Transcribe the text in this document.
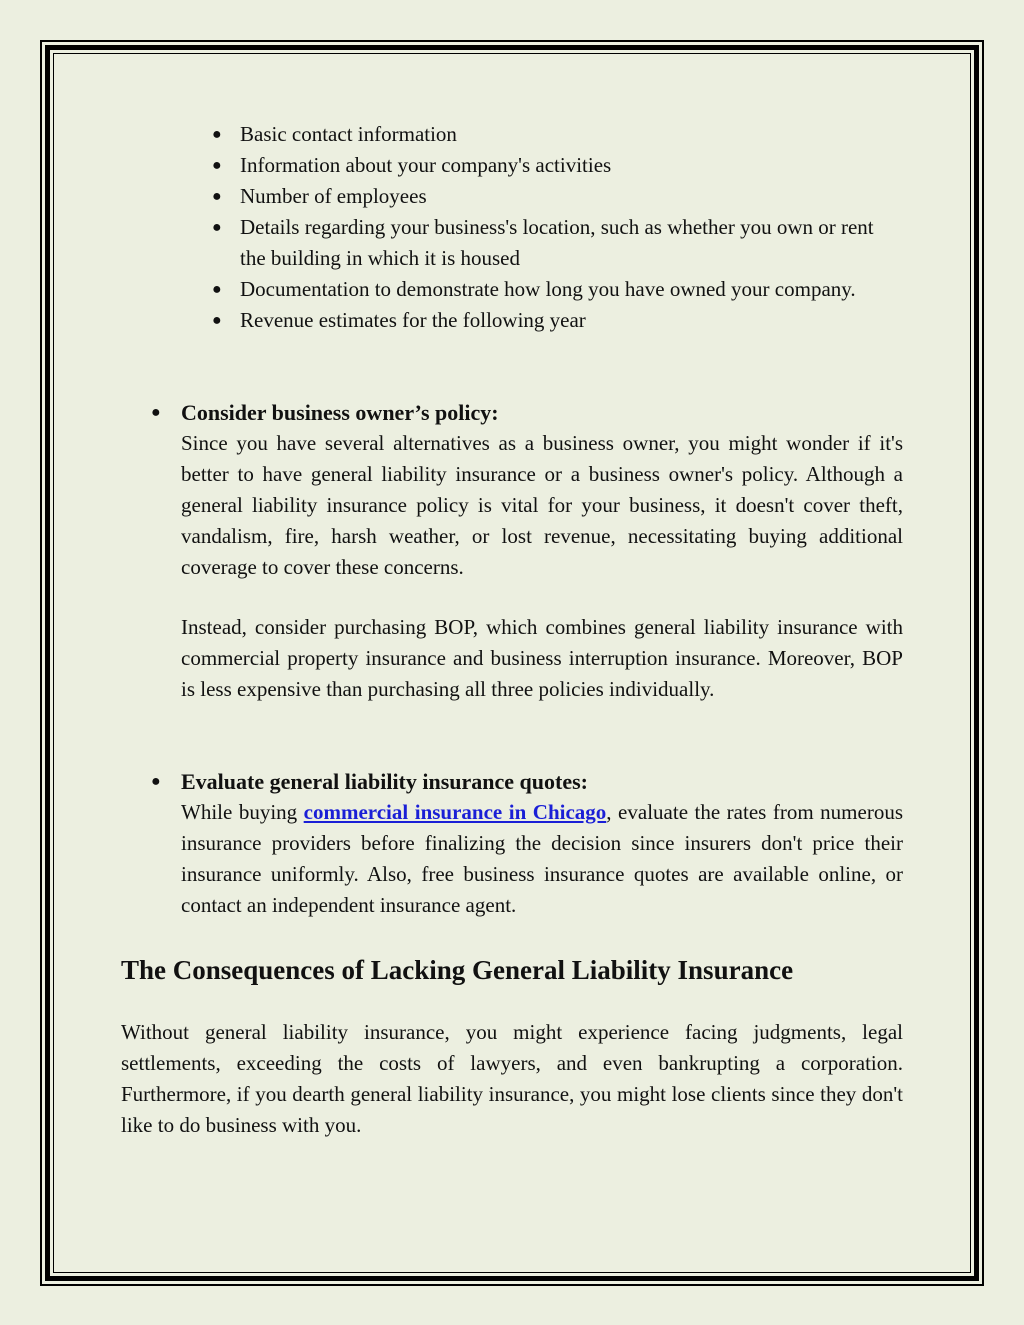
● Basic contact information
● Information about your company's activities
● Number of employees
● Details regarding your business's location, such as whether you own or rent the building in which it is housed
● Documentation to demonstrate how long you have owned your company.
● Revenue estimates for the following year
● Consider business owner’s policy:

Since you have several alternatives as a business owner, you might wonder if it's better to have general liability insurance or a business owner's policy. Although a general liability insurance policy is vital for your business, it doesn't cover theft, vandalism, fire, harsh weather, or lost revenue, necessitating buying additional coverage to cover these concerns.

Instead, consider purchasing BOP, which combines general liability insurance with commercial property insurance and business interruption insurance. Moreover, BOP is less expensive than purchasing all three policies individually.

● Evaluate general liability insurance quotes:

While buying commercial insurance in Chicago, evaluate the rates from numerous insurance providers before finalizing the decision since insurers don't price their insurance uniformly. Also, free business insurance quotes are available online, or contact an independent insurance agent.

The Consequences of Lacking General Liability Insurance

Without general liability insurance, you might experience facing judgments, legal settlements, exceeding the costs of lawyers, and even bankrupting a corporation. Furthermore, if you dearth general liability insurance, you might lose clients since they don't like to do business with you.
